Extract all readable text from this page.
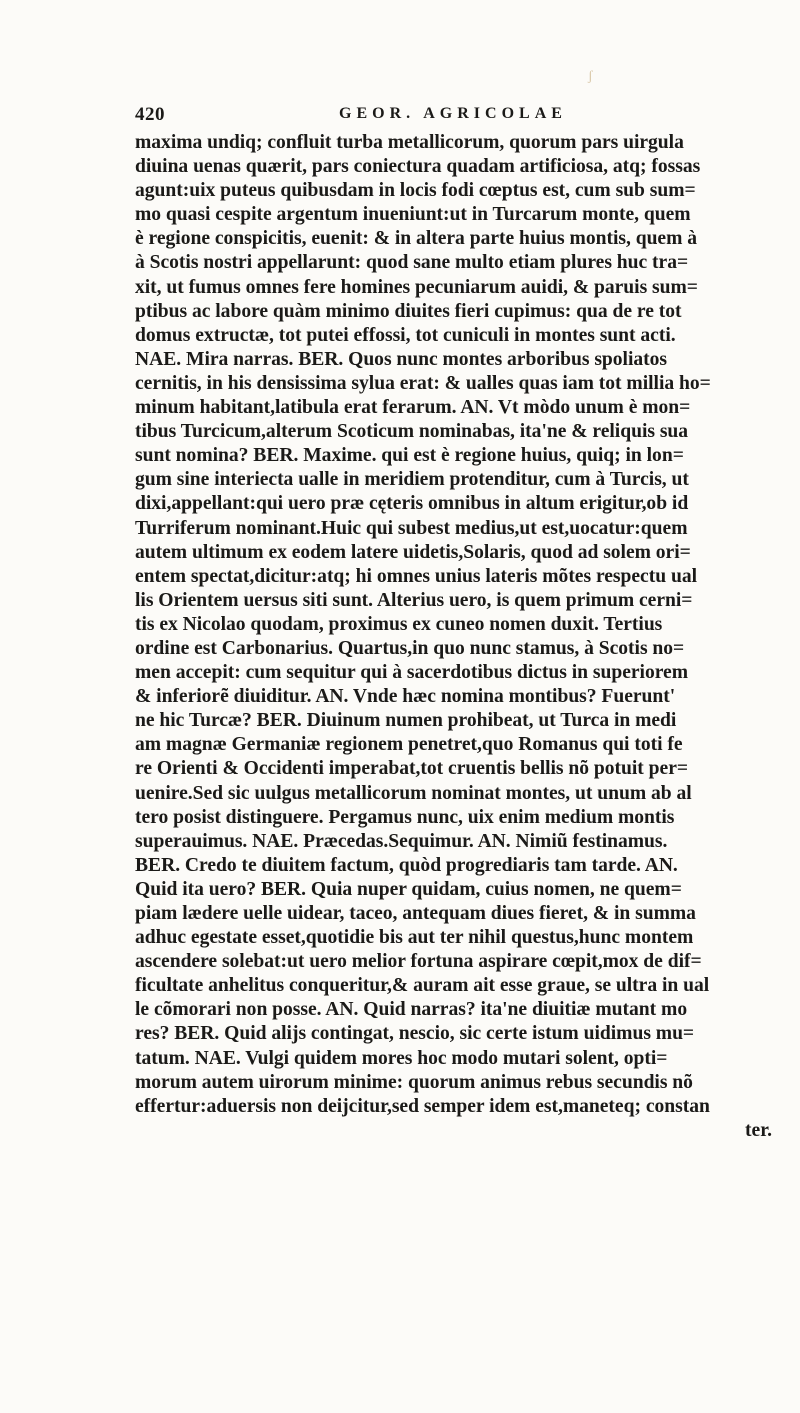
ʃ
420	GEOR. AGRICOLAE
maxima undiq; confluit turba metallicorum, quorum pars uirgula
diuina uenas quærit, pars coniectura quadam artificiosa, atq; fossas
agunt:uix puteus quibusdam in locis fodi cœptus est, cum sub sum=
mo quasi cespite argentum inueniunt:ut in Turcarum monte, quem
è regione conspicitis, euenit: & in altera parte huius montis, quem à
à Scotis nostri appellarunt: quod sane multo etiam plures huc tra=
xit, ut fumus omnes fere homines pecuniarum auidi, & paruis sum=
ptibus ac labore quàm minimo diuites fieri cupimus: qua de re tot
domus extructæ, tot putei effossi, tot cuniculi in montes sunt acti.
NAE. Mira narras. BER. Quos nunc montes arboribus spoliatos
cernitis, in his densissima sylua erat: & ualles quas iam tot millia ho=
minum habitant,latibula erat ferarum. AN. Vt mòdo unum è mon=
tibus Turcicum,alterum Scoticum nominabas, ita'ne & reliquis sua
sunt nomina? BER. Maxime. qui est è regione huius, quiq; in lon=
gum sine interiecta ualle in meridiem protenditur, cum à Turcis, ut
dixi,appellant:qui uero præ cęteris omnibus in altum erigitur,ob id
Turriferum nominant.Huic qui subest medius,ut est,uocatur:quem
autem ultimum ex eodem latere uidetis,Solaris, quod ad solem ori=
entem spectat,dicitur:atq; hi omnes unius lateris mõtes respectu ual
lis Orientem uersus siti sunt. Alterius uero, is quem primum cerni=
tis ex Nicolao quodam, proximus ex cuneo nomen duxit. Tertius
ordine est Carbonarius. Quartus,in quo nunc stamus, à Scotis no=
men accepit: cum sequitur qui à sacerdotibus dictus in superiorem
& inferiorẽ diuiditur. AN. Vnde hæc nomina montibus? Fuerunt'
ne hic Turcæ? BER. Diuinum numen prohibeat, ut Turca in medi
am magnæ Germaniæ regionem penetret,quo Romanus qui toti fe
re Orienti & Occidenti imperabat,tot cruentis bellis nõ potuit per=
uenire.Sed sic uulgus metallicorum nominat montes, ut unum ab al
tero posist distinguere. Pergamus nunc, uix enim medium montis
superauimus. NAE. Præcedas.Sequimur. AN. Nimiũ festinamus.
BER. Credo te diuitem factum, quòd progrediaris tam tarde. AN.
Quid ita uero? BER. Quia nuper quidam, cuius nomen, ne quem=
piam lædere uelle uidear, taceo, antequam diues fieret, & in summa
adhuc egestate esset,quotidie bis aut ter nihil questus,hunc montem
ascendere solebat:ut uero melior fortuna aspirare cœpit,mox de dif=
ficultate anhelitus conqueritur,& auram ait esse graue, se ultra in ual
le cõmorari non posse. AN. Quid narras? ita'ne diuitiæ mutant mo
res? BER. Quid alijs contingat, nescio, sic certe istum uidimus mu=
tatum. NAE. Vulgi quidem mores hoc modo mutari solent, opti=
morum autem uirorum minime: quorum animus rebus secundis nõ
effertur:aduersis non deijcitur,sed semper idem est,maneteq; constan
ter.
